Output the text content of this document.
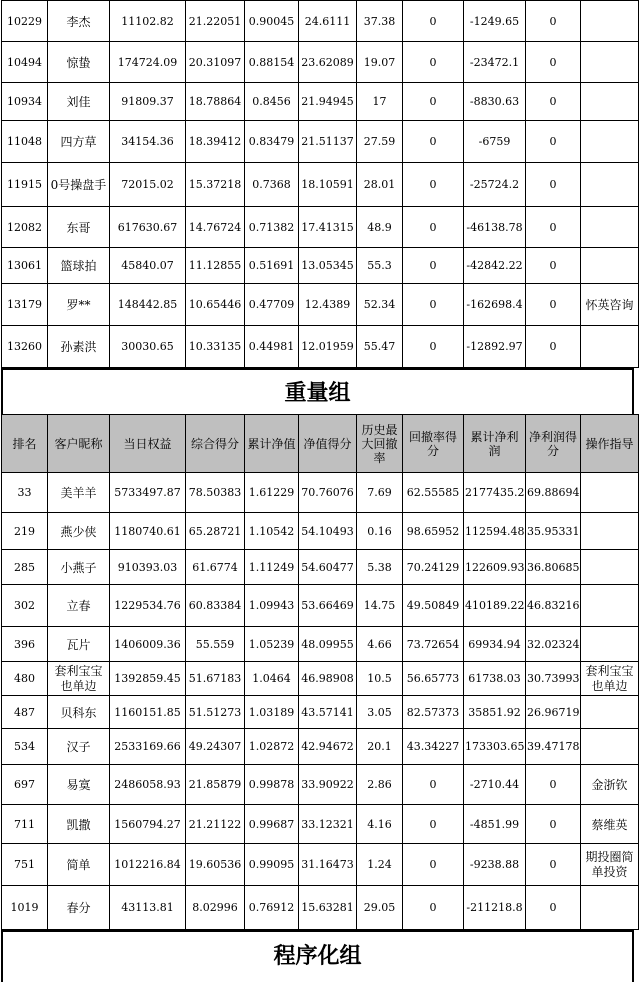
10229	李杰	11102.82	21.22051	0.90045	24.6111	37.38	0	-1249.65	0	
10494	惊蛰	174724.09	20.31097	0.88154	23.62089	19.07	0	-23472.1	0	
10934	刘佳	91809.37	18.78864	0.8456	21.94945	17	0	-8830.63	0	
11048	四方草	34154.36	18.39412	0.83479	21.51137	27.59	0	-6759	0	
11915	0号操盘手	72015.02	15.37218	0.7368	18.10591	28.01	0	-25724.2	0	
12082	东哥	617630.67	14.76724	0.71382	17.41315	48.9	0	-46138.78	0	
13061	篮球拍	45840.07	11.12855	0.51691	13.05345	55.3	0	-42842.22	0	
13179	罗**	148442.85	10.65446	0.47709	12.4389	52.34	0	-162698.4	0	怀英咨询
13260	孙素洪	30030.65	10.33135	0.44981	12.01959	55.47	0	-12892.97	0	
重量组
排名	客户昵称	当日权益	综合得分	累计净值	净值得分	历史最大回撤率	回撤率得分	累计净利润	净利润得分	操作指导
33	美羊羊	5733497.87	78.50383	1.61229	70.76076	7.69	62.55585	2177435.2	69.88694	
219	燕少侠	1180740.61	65.28721	1.10542	54.10493	0.16	98.65952	112594.48	35.95331	
285	小燕子	910393.03	61.6774	1.11249	54.60477	5.38	70.24129	122609.93	36.80685	
302	立春	1229534.76	60.83384	1.09943	53.66469	14.75	49.50849	410189.22	46.83216	
396	瓦片	1406009.36	55.559	1.05239	48.09955	4.66	73.72654	69934.94	32.02324	
480	套利宝宝也单边	1392859.45	51.67183	1.0464	46.98908	10.5	56.65773	61738.03	30.73993	套利宝宝也单边
487	贝科东	1160151.85	51.51273	1.03189	43.57141	3.05	82.57373	35851.92	26.96719	
534	汉子	2533169.66	49.24307	1.02872	42.94672	20.1	43.34227	173303.65	39.47178	
697	易寞	2486058.93	21.85879	0.99878	33.90922	2.86	0	-2710.44	0	金浙钦
711	凯撒	1560794.27	21.21122	0.99687	33.12321	4.16	0	-4851.99	0	蔡维英
751	简单	1012216.84	19.60536	0.99095	31.16473	1.24	0	-9238.88	0	期投圈简单投资
1019	春分	43113.81	8.02996	0.76912	15.63281	29.05	0	-211218.8	0	
程序化组
